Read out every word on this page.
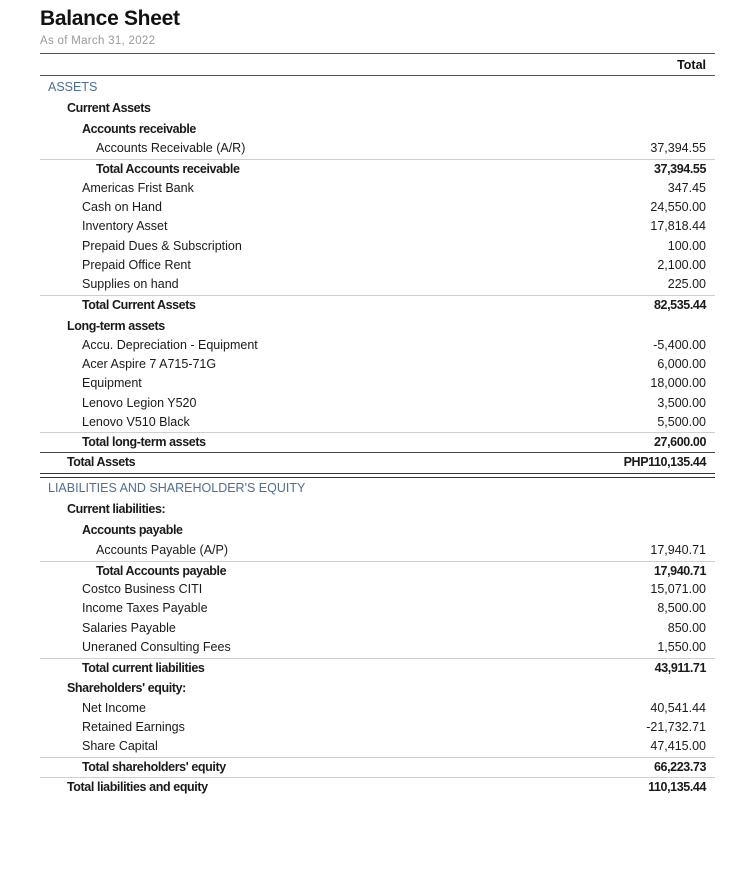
Balance Sheet
As of March 31, 2022
Total
ASSETS
Current Assets
Accounts receivable
Accounts Receivable (A/R)	37,394.55
Total Accounts receivable	37,394.55
Americas Frist Bank	347.45
Cash on Hand	24,550.00
Inventory Asset	17,818.44
Prepaid Dues & Subscription	100.00
Prepaid Office Rent	2,100.00
Supplies on hand	225.00
Total Current Assets	82,535.44
Long-term assets
Accu. Depreciation - Equipment	-5,400.00
Acer Aspire 7 A715-71G	6,000.00
Equipment	18,000.00
Lenovo Legion Y520	3,500.00
Lenovo V510 Black	5,500.00
Total long-term assets	27,600.00
Total Assets	PHP110,135.44
LIABILITIES AND SHAREHOLDER'S EQUITY
Current liabilities:
Accounts payable
Accounts Payable (A/P)	17,940.71
Total Accounts payable	17,940.71
Costco Business CITI	15,071.00
Income Taxes Payable	8,500.00
Salaries Payable	850.00
Uneraned Consulting Fees	1,550.00
Total current liabilities	43,911.71
Shareholders' equity:
Net Income	40,541.44
Retained Earnings	-21,732.71
Share Capital	47,415.00
Total shareholders' equity	66,223.73
Total liabilities and equity	110,135.44
